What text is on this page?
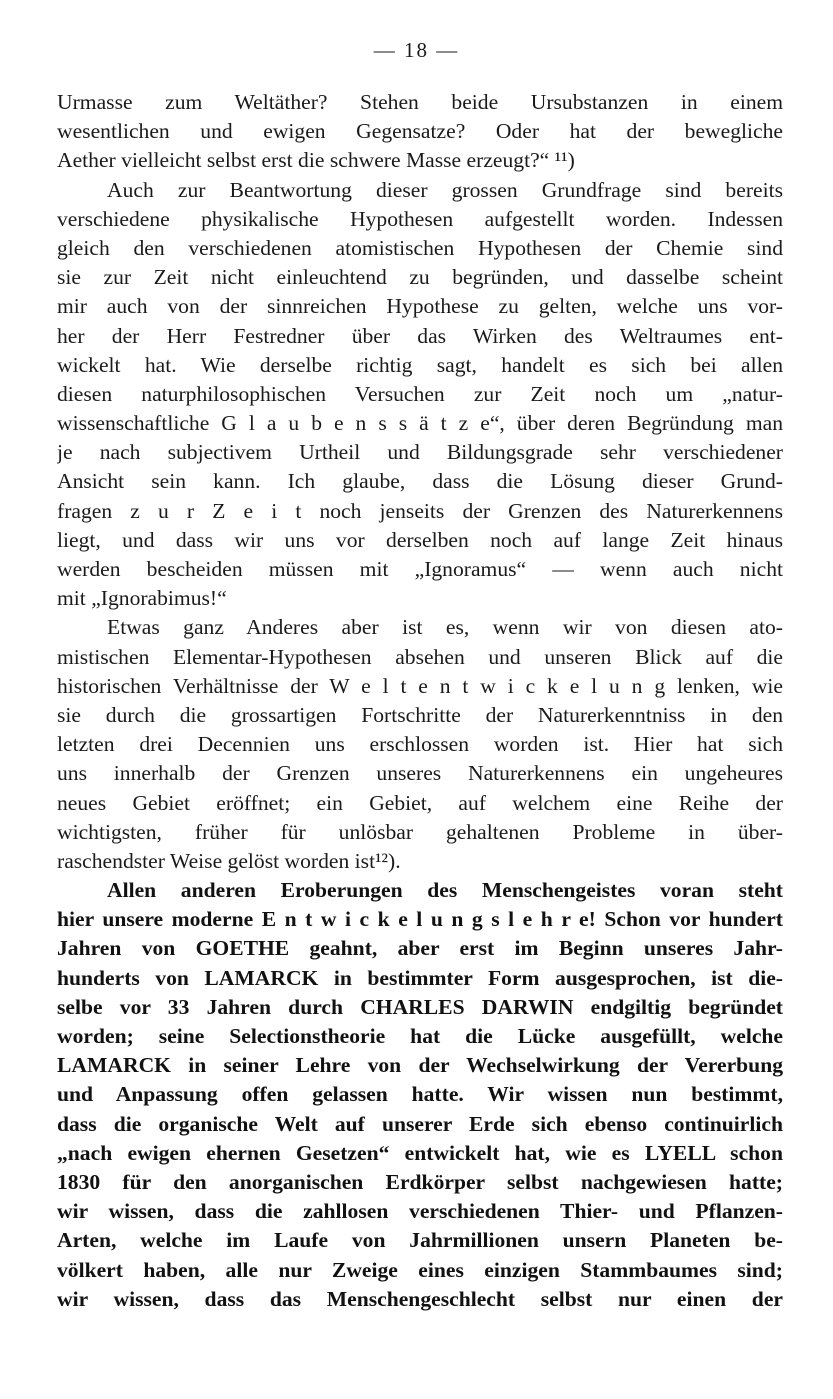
— 18 —
Urmasse zum Weltäther? Stehen beide Ursubstanzen in einem
wesentlichen und ewigen Gegensatze? Oder hat der bewegliche
Aether vielleicht selbst erst die schwere Masse erzeugt?“ ¹¹)
Auch zur Beantwortung dieser grossen Grundfrage sind bereits
verschiedene physikalische Hypothesen aufgestellt worden. Indessen
gleich den verschiedenen atomistischen Hypothesen der Chemie sind
sie zur Zeit nicht einleuchtend zu begründen, und dasselbe scheint
mir auch von der sinnreichen Hypothese zu gelten, welche uns vor-
her der Herr Festredner über das Wirken des Weltraumes ent-
wickelt hat. Wie derselbe richtig sagt, handelt es sich bei allen
diesen naturphilosophischen Versuchen zur Zeit noch um „natur-
wissenschaftliche G l a u b e n s s ä t z e“, über deren Begründung man
je nach subjectivem Urtheil und Bildungsgrade sehr verschiedener
Ansicht sein kann. Ich glaube, dass die Lösung dieser Grund-
fragen z u r Z e i t noch jenseits der Grenzen des Naturerkennens
liegt, und dass wir uns vor derselben noch auf lange Zeit hinaus
werden bescheiden müssen mit „Ignoramus“ — wenn auch nicht
mit „Ignorabimus!“
Etwas ganz Anderes aber ist es, wenn wir von diesen ato-
mistischen Elementar-Hypothesen absehen und unseren Blick auf die
historischen Verhältnisse der W e l t e n t w i c k e l u n g lenken, wie
sie durch die grossartigen Fortschritte der Naturerkenntniss in den
letzten drei Decennien uns erschlossen worden ist. Hier hat sich
uns innerhalb der Grenzen unseres Naturerkennens ein ungeheures
neues Gebiet eröffnet; ein Gebiet, auf welchem eine Reihe der
wichtigsten, früher für unlösbar gehaltenen Probleme in über-
raschendster Weise gelöst worden ist¹²).
Allen anderen Eroberungen des Menschengeistes voran steht
hier unsere moderne E n t w i c k e l u n g s l e h r e! Schon vor hundert
Jahren von GOETHE geahnt, aber erst im Beginn unseres Jahr-
hunderts von LAMARCK in bestimmter Form ausgesprochen, ist die-
selbe vor 33 Jahren durch CHARLES DARWIN endgiltig begründet
worden; seine Selectionstheorie hat die Lücke ausgefüllt, welche
LAMARCK in seiner Lehre von der Wechselwirkung der Vererbung
und Anpassung offen gelassen hatte. Wir wissen nun bestimmt,
dass die organische Welt auf unserer Erde sich ebenso continuirlich
„nach ewigen ehernen Gesetzen“ entwickelt hat, wie es LYELL schon
1830 für den anorganischen Erdkörper selbst nachgewiesen hatte;
wir wissen, dass die zahllosen verschiedenen Thier- und Pflanzen-
Arten, welche im Laufe von Jahrmillionen unsern Planeten be-
völkert haben, alle nur Zweige eines einzigen Stammbaumes sind;
wir wissen, dass das Menschengeschlecht selbst nur einen der
